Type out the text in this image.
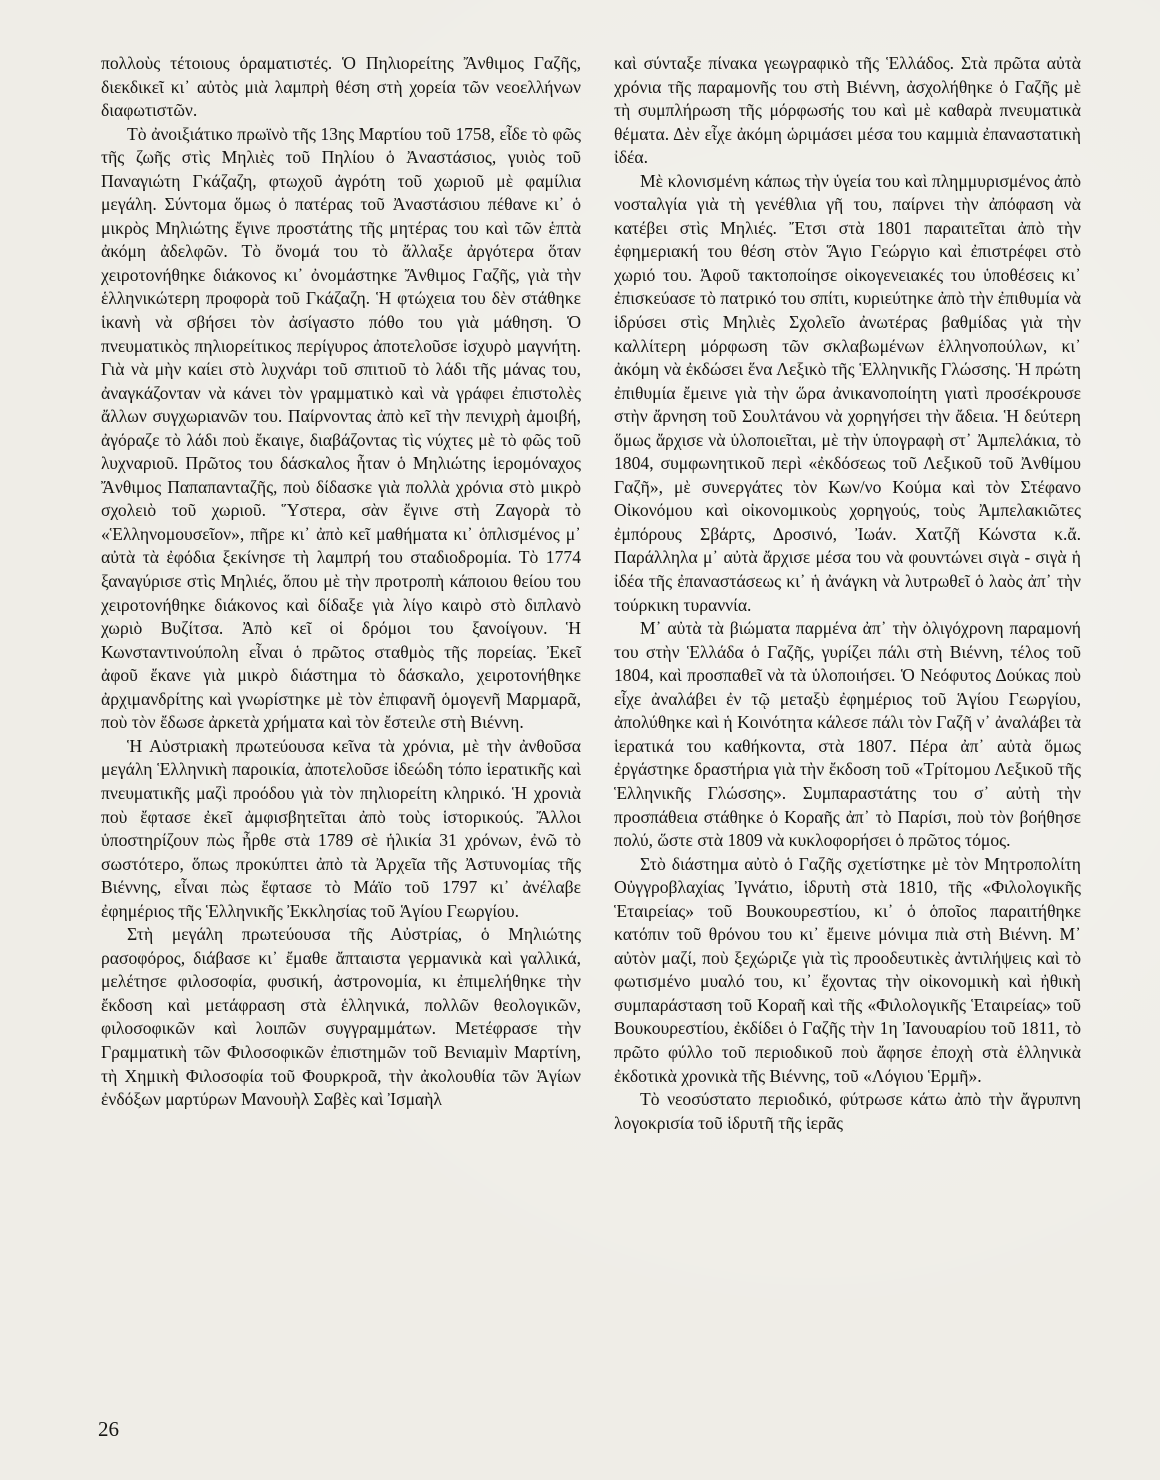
πολλοὺς τέτοιους ὁραματιστές. Ὁ Πηλιορείτης Ἄνθιμος Γαζῆς, διεκδικεῖ κι᾿ αὐτὸς μιὰ λαμπρὴ θέση στὴ χορεία τῶν νεοελλήνων διαφωτιστῶν.

Τὸ ἀνοιξιάτικο πρωϊνὸ τῆς 13ης Μαρτίου τοῦ 1758, εἶδε τὸ φῶς τῆς ζωῆς στὶς Μηλιὲς τοῦ Πηλίου ὁ Ἀναστάσιος, γυιὸς τοῦ Παναγιώτη Γκάζαζη, φτωχοῦ ἀγρότη τοῦ χωριοῦ μὲ φαμίλια μεγάλη. Σύντομα ὅμως ὁ πατέρας τοῦ Ἀναστάσιου πέθανε κι᾿ ὁ μικρὸς Μηλιώτης ἔγινε προστάτης τῆς μητέρας του καὶ τῶν ἑπτὰ ἀκόμη ἀδελφῶν. Τὸ ὄνομά του τὸ ἄλλαξε ἀργότερα ὅταν χειροτονήθηκε διάκονος κι᾿ ὀνομάστηκε Ἄνθιμος Γαζῆς, γιὰ τὴν ἑλληνικώτερη προφορὰ τοῦ Γκάζαζη. Ἡ φτώχεια του δὲν στάθηκε ἱκανὴ νὰ σβήσει τὸν ἀσίγαστο πόθο του γιὰ μάθηση. Ὁ πνευματικὸς πηλιορείτικος περίγυρος ἀποτελοῦσε ἰσχυρὸ μαγνήτη. Γιὰ νὰ μὴν καίει στὸ λυχνάρι τοῦ σπιτιοῦ τὸ λάδι τῆς μάνας του, ἀναγκάζονταν νὰ κάνει τὸν γραμματικὸ καὶ νὰ γράφει ἐπιστολὲς ἄλλων συγχωριανῶν του. Παίρνοντας ἀπὸ κεῖ τὴν πενιχρὴ ἀμοιβή, ἀγόραζε τὸ λάδι ποὺ ἔκαιγε, διαβάζοντας τὶς νύχτες μὲ τὸ φῶς τοῦ λυχναριοῦ. Πρῶτος του δάσκαλος ἦταν ὁ Μηλιώτης ἱερομόναχος Ἄνθιμος Παπαπανταζῆς, ποὺ δίδασκε γιὰ πολλὰ χρόνια στὸ μικρὸ σχολειὸ τοῦ χωριοῦ. Ὕστερα, σὰν ἔγινε στὴ Ζαγορὰ τὸ «Ἑλληνομουσεῖον», πῆρε κι᾿ ἀπὸ κεῖ μαθήματα κι᾿ ὁπλισμένος μ᾿ αὐτὰ τὰ ἐφόδια ξεκίνησε τὴ λαμπρή του σταδιοδρομία. Τὸ 1774 ξαναγύρισε στὶς Μηλιές, ὅπου μὲ τὴν προτροπὴ κάποιου θείου του χειροτονήθηκε διάκονος καὶ δίδαξε γιὰ λίγο καιρὸ στὸ διπλανὸ χωριὸ Βυζίτσα. Ἀπὸ κεῖ οἱ δρόμοι του ξανοίγουν. Ἡ Κωνσταντινούπολη εἶναι ὁ πρῶτος σταθμὸς τῆς πορείας. Ἐκεῖ ἀφοῦ ἔκανε γιὰ μικρὸ διάστημα τὸ δάσκαλο, χειροτονήθηκε ἀρχιμανδρίτης καὶ γνωρίστηκε μὲ τὸν ἐπιφανῆ ὁμογενῆ Μαρμαρᾶ, ποὺ τὸν ἔδωσε ἀρκετὰ χρήματα καὶ τὸν ἔστειλε στὴ Βιέννη.

Ἡ Αὐστριακὴ πρωτεύουσα κεῖνα τὰ χρόνια, μὲ τὴν ἀνθοῦσα μεγάλη Ἑλληνικὴ παροικία, ἀποτελοῦσε ἰδεώδη τόπο ἱερατικῆς καὶ πνευματικῆς μαζὶ προόδου γιὰ τὸν πηλιορείτη κληρικό. Ἡ χρονιὰ ποὺ ἔφτασε ἐκεῖ ἀμφισβητεῖται ἀπὸ τοὺς ἱστορικούς. Ἄλλοι ὑποστηρίζουν πὼς ἦρθε στὰ 1789 σὲ ἡλικία 31 χρόνων, ἐνῶ τὸ σωστότερο, ὅπως προκύπτει ἀπὸ τὰ Ἀρχεῖα τῆς Ἀστυνομίας τῆς Βιέννης, εἶναι πὼς ἔφτασε τὸ Μάϊο τοῦ 1797 κι᾿ ἀνέλαβε ἐφημέριος τῆς Ἑλληνικῆς Ἐκκλησίας τοῦ Ἁγίου Γεωργίου.

Στὴ μεγάλη πρωτεύουσα τῆς Αὐστρίας, ὁ Μηλιώτης ρασοφόρος, διάβασε κι᾿ ἔμαθε ἄπταιστα γερμανικὰ καὶ γαλλικά, μελέτησε φιλοσοφία, φυσική, ἀστρονομία, κι ἐπιμελήθηκε τὴν ἔκδοση καὶ μετάφραση στὰ ἑλληνικά, πολλῶν θεολογικῶν, φιλοσοφικῶν καὶ λοιπῶν συγγραμμάτων. Μετέφρασε τὴν Γραμματικὴ τῶν Φιλοσοφικῶν ἐπιστημῶν τοῦ Βενιαμὶν Μαρτίνη, τὴ Χημικὴ Φιλοσοφία τοῦ Φουρκροᾶ, τὴν ἀκολουθία τῶν Ἁγίων ἐνδόξων μαρτύρων Μανουὴλ Σαβὲς καὶ Ἰσμαὴλ

καὶ σύνταξε πίνακα γεωγραφικὸ τῆς Ἑλλάδος. Στὰ πρῶτα αὐτὰ χρόνια τῆς παραμονῆς του στὴ Βιέννη, ἀσχολήθηκε ὁ Γαζῆς μὲ τὴ συμπλήρωση τῆς μόρφωσής του καὶ μὲ καθαρὰ πνευματικὰ θέματα. Δὲν εἶχε ἀκόμη ὡριμάσει μέσα του καμμιὰ ἐπαναστατικὴ ἰδέα.

Μὲ κλονισμένη κάπως τὴν ὑγεία του καὶ πλημμυρισμένος ἀπὸ νοσταλγία γιὰ τὴ γενέθλια γῆ του, παίρνει τὴν ἀπόφαση νὰ κατέβει στὶς Μηλιές. Ἔτσι στὰ 1801 παραιτεῖται ἀπὸ τὴν ἐφημεριακή του θέση στὸν Ἅγιο Γεώργιο καὶ ἐπιστρέφει στὸ χωριό του. Ἀφοῦ τακτοποίησε οἰκογενειακές του ὑποθέσεις κι᾿ ἐπισκεύασε τὸ πατρικό του σπίτι, κυριεύτηκε ἀπὸ τὴν ἐπιθυμία νὰ ἱδρύσει στὶς Μηλιὲς Σχολεῖο ἀνωτέρας βαθμίδας γιὰ τὴν καλλίτερη μόρφωση τῶν σκλαβωμένων ἑλληνοπούλων, κι᾿ ἀκόμη νὰ ἐκδώσει ἕνα Λεξικὸ τῆς Ἑλληνικῆς Γλώσσης. Ἡ πρώτη ἐπιθυμία ἔμεινε γιὰ τὴν ὥρα ἀνικανοποίητη γιατὶ προσέκρουσε στὴν ἄρνηση τοῦ Σουλτάνου νὰ χορηγήσει τὴν ἄδεια. Ἡ δεύτερη ὅμως ἄρχισε νὰ ὑλοποιεῖται, μὲ τὴν ὑπογραφὴ στ᾿ Ἀμπελάκια, τὸ 1804, συμφωνητικοῦ περὶ «ἐκδόσεως τοῦ Λεξικοῦ τοῦ Ἀνθίμου Γαζῆ», μὲ συνεργάτες τὸν Κων/νο Κούμα καὶ τὸν Στέφανο Οἰκονόμου καὶ οἰκονομικοὺς χορηγούς, τοὺς Ἀμπελακιῶτες ἐμπόρους Σβάρτς, Δροσινό, Ἰωάν. Χατζῆ Κώνστα κ.ἄ. Παράλληλα μ᾿ αὐτὰ ἄρχισε μέσα του νὰ φουντώνει σιγὰ - σιγὰ ἡ ἰδέα τῆς ἐπαναστάσεως κι᾿ ἡ ἀνάγκη νὰ λυτρωθεῖ ὁ λαὸς ἀπ᾿ τὴν τούρκικη τυραννία.

Μ᾿ αὐτὰ τὰ βιώματα παρμένα ἀπ᾿ τὴν ὀλιγόχρονη παραμονή του στὴν Ἑλλάδα ὁ Γαζῆς, γυρίζει πάλι στὴ Βιέννη, τέλος τοῦ 1804, καὶ προσπαθεῖ νὰ τὰ ὑλοποιήσει. Ὁ Νεόφυτος Δούκας ποὺ εἶχε ἀναλάβει ἐν τῷ μεταξὺ ἐφημέριος τοῦ Ἁγίου Γεωργίου, ἀπολύθηκε καὶ ἡ Κοινότητα κάλεσε πάλι τὸν Γαζῆ ν᾿ ἀναλάβει τὰ ἱερατικά του καθήκοντα, στὰ 1807. Πέρα ἀπ᾿ αὐτὰ ὅμως ἐργάστηκε δραστήρια γιὰ τὴν ἔκδοση τοῦ «Τρίτομου Λεξικοῦ τῆς Ἑλληνικῆς Γλώσσης». Συμπαραστάτης του σ᾿ αὐτὴ τὴν προσπάθεια στάθηκε ὁ Κοραῆς ἀπ᾿ τὸ Παρίσι, ποὺ τὸν βοήθησε πολύ, ὥστε στὰ 1809 νὰ κυκλοφορήσει ὁ πρῶτος τόμος.

Στὸ διάστημα αὐτὸ ὁ Γαζῆς σχετίστηκε μὲ τὸν Μητροπολίτη Οὐγγροβλαχίας Ἰγνάτιο, ἱδρυτὴ στὰ 1810, τῆς «Φιλολογικῆς Ἑταιρείας» τοῦ Βουκουρεστίου, κι᾿ ὁ ὁποῖος παραιτήθηκε κατόπιν τοῦ θρόνου του κι᾿ ἔμεινε μόνιμα πιὰ στὴ Βιέννη. Μ᾿ αὐτὸν μαζί, ποὺ ξεχώριζε γιὰ τὶς προοδευτικὲς ἀντιλήψεις καὶ τὸ φωτισμένο μυαλό του, κι᾿ ἔχοντας τὴν οἰκονομικὴ καὶ ἠθικὴ συμπαράσταση τοῦ Κοραῆ καὶ τῆς «Φιλολογικῆς Ἑταιρείας» τοῦ Βουκουρεστίου, ἐκδίδει ὁ Γαζῆς τὴν 1η Ἰανουαρίου τοῦ 1811, τὸ πρῶτο φύλλο τοῦ περιοδικοῦ ποὺ ἄφησε ἐποχὴ στὰ ἑλληνικὰ ἐκδοτικὰ χρονικὰ τῆς Βιέννης, τοῦ «Λόγιου Ἑρμῆ».

Τὸ νεοσύστατο περιοδικό, φύτρωσε κάτω ἀπὸ τὴν ἄγρυπνη λογοκρισία τοῦ ἱδρυτῆ τῆς ἱερᾶς

26
